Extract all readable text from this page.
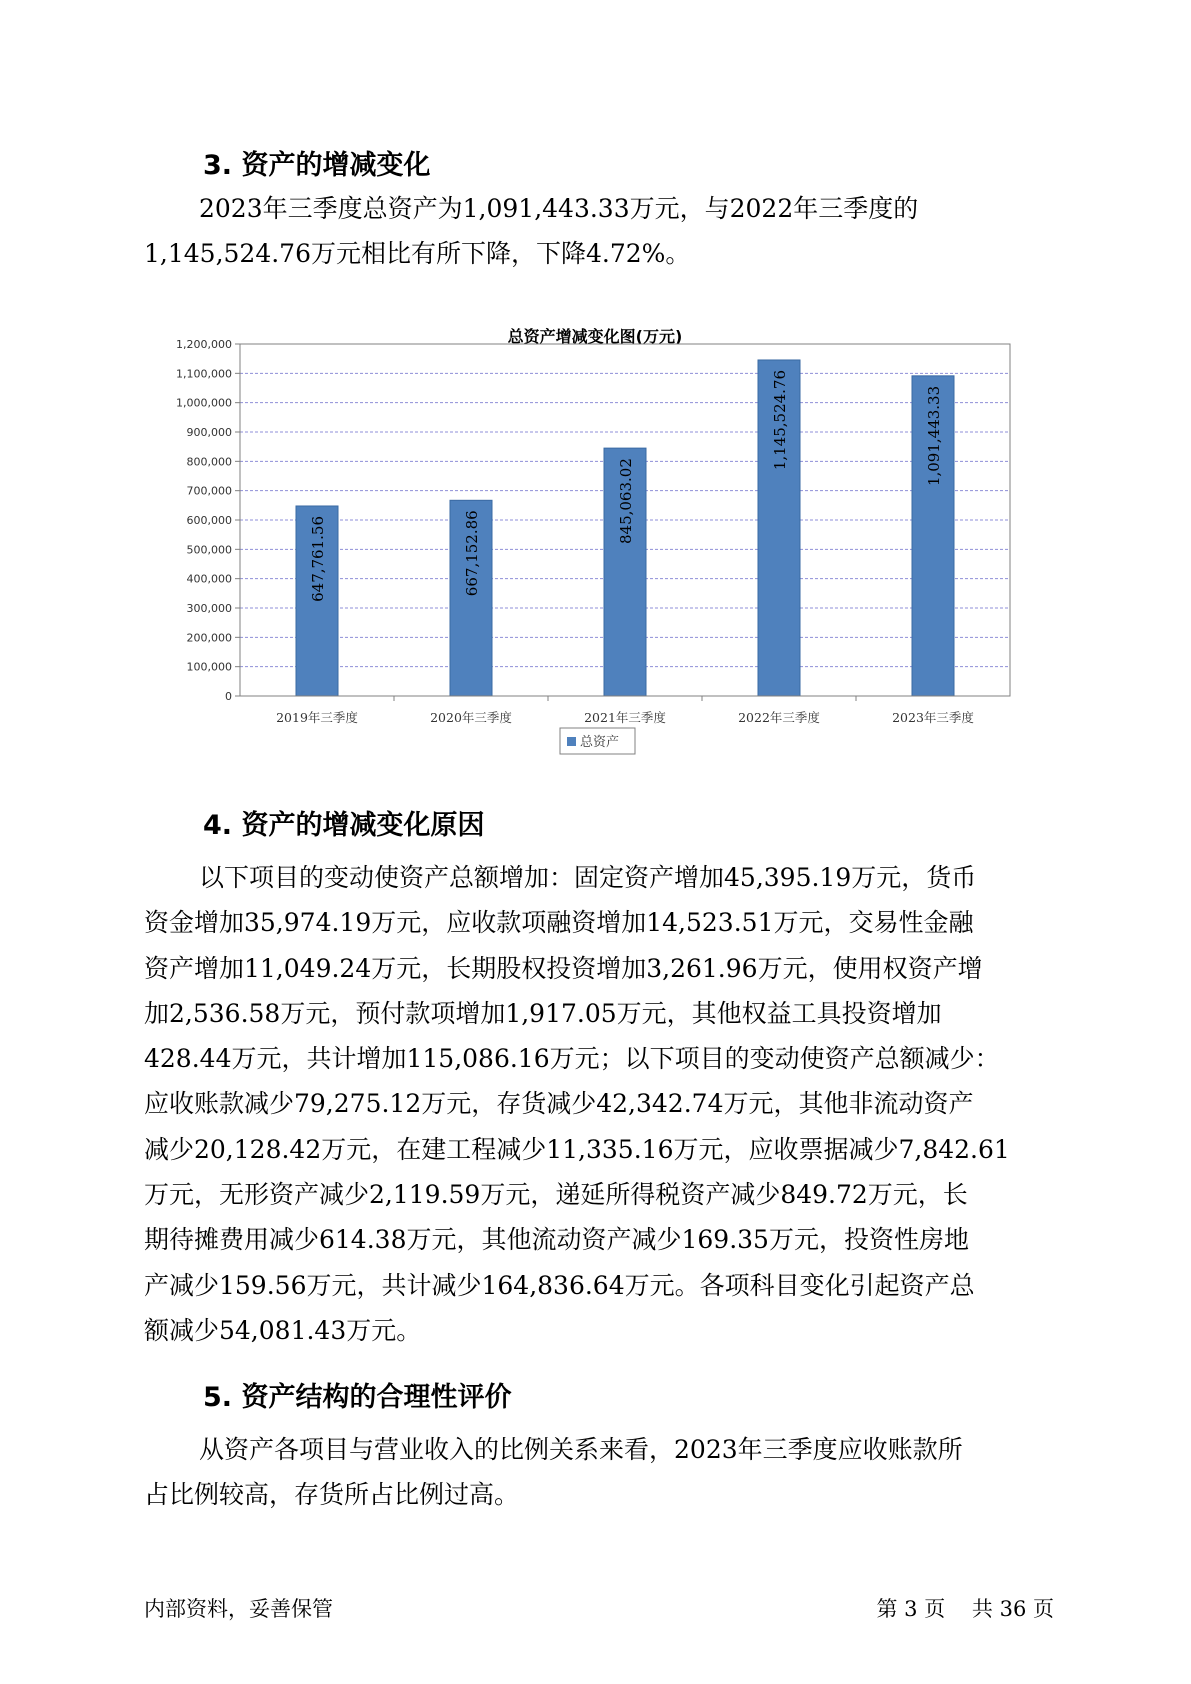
3. 资产的增减变化
2023年三季度总资产为1,091,443.33万元，与2022年三季度的
1,145,524.76万元相比有所下降，下降4.72%。
总资产增减变化图(万元)
0
100,000
200,000
300,000
400,000
500,000
600,000
700,000
800,000
900,000
1,000,000
1,100,000
1,200,000
647,761.56	667,152.86
845,063.02
1,145,524.76	1,091,443.33
2019年三季度	2020年三季度	2021年三季度	2022年三季度	2023年三季度
总资产
4. 资产的增减变化原因
以下项目的变动使资产总额增加：固定资产增加45,395.19万元，货币
资金增加35,974.19万元，应收款项融资增加14,523.51万元，交易性金融
资产增加11,049.24万元，长期股权投资增加3,261.96万元，使用权资产增
加2,536.58万元，预付款项增加1,917.05万元，其他权益工具投资增加
428.44万元，共计增加115,086.16万元；以下项目的变动使资产总额减少：
应收账款减少79,275.12万元，存货减少42,342.74万元，其他非流动资产
减少20,128.42万元，在建工程减少11,335.16万元，应收票据减少7,842.61
万元，无形资产减少2,119.59万元，递延所得税资产减少849.72万元，长
期待摊费用减少614.38万元，其他流动资产减少169.35万元，投资性房地
产减少159.56万元，共计减少164,836.64万元。各项科目变化引起资产总
额减少54,081.43万元。
5. 资产结构的合理性评价
从资产各项目与营业收入的比例关系来看，2023年三季度应收账款所
占比例较高，存货所占比例过高。
内部资料，妥善保管	第 3 页    共 36 页
